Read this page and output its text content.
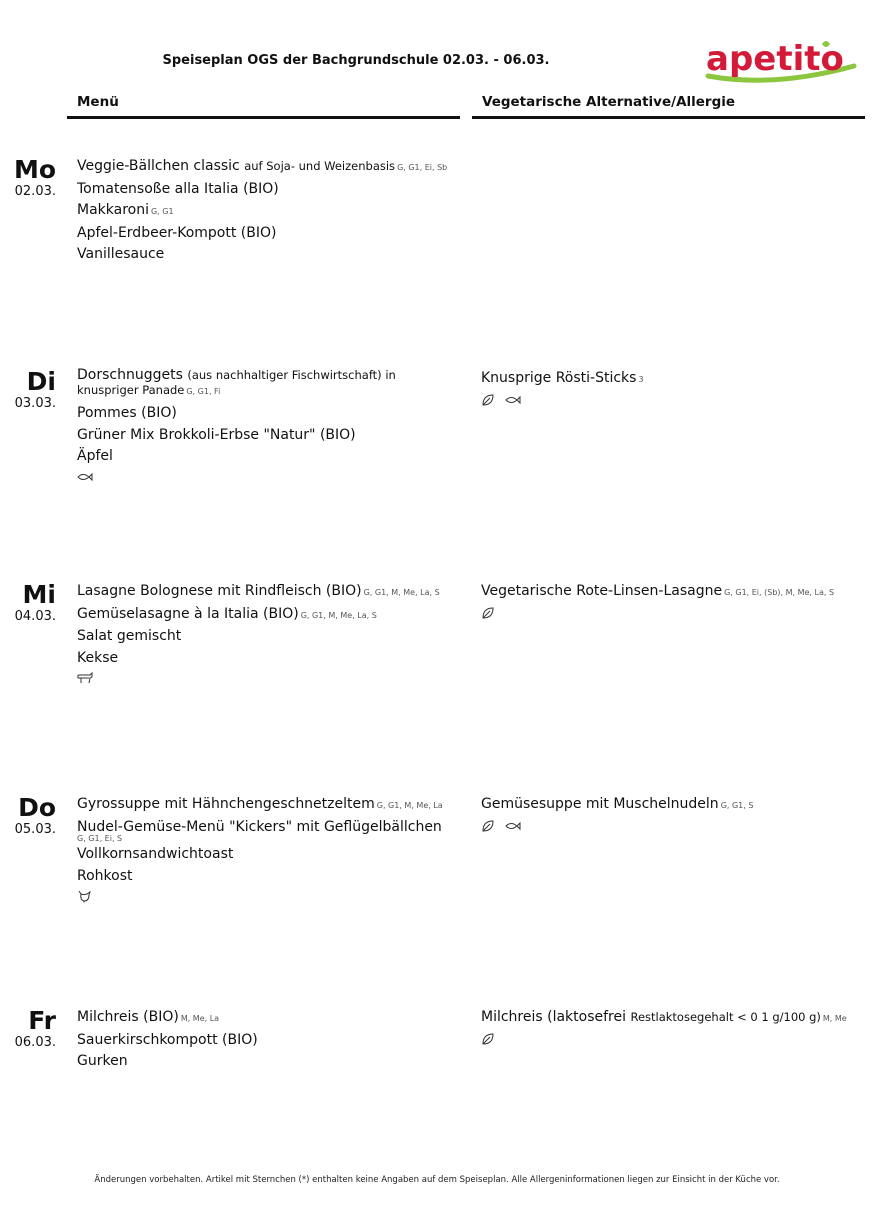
Speiseplan OGS der Bachgrundschule 02.03. - 06.03.	apetito
Menü	Vegetarische Alternative/Allergie
Mo
02.03.
Veggie-Bällchen classic auf Soja- und Weizenbasis G, G1, Ei, Sb
Tomatensoße alla Italia (BIO)
Makkaroni G, G1
Apfel-Erdbeer-Kompott (BIO)
Vanillesauce
Di
03.03.
Dorschnuggets (aus nachhaltiger Fischwirtschaft) in knuspriger Panade G, G1, Fi
Pommes (BIO)
Grüner Mix Brokkoli-Erbse "Natur" (BIO)
Äpfel
Knusprige Rösti-Sticks 3
Mi
04.03.
Lasagne Bolognese mit Rindfleisch (BIO) G, G1, M, Me, La, S
Gemüselasagne à la Italia (BIO) G, G1, M, Me, La, S
Salat gemischt
Kekse
Vegetarische Rote-Linsen-Lasagne G, G1, Ei, (Sb), M, Me, La, S
Do
05.03.
Gyrossuppe mit Hähnchengeschnetzeltem G, G1, M, Me, La
Nudel-Gemüse-Menü "Kickers" mit Geflügelbällchen
G, G1, Ei, S
Vollkornsandwichtoast
Rohkost
Gemüsesuppe mit Muschelnudeln G, G1, S
Fr
06.03.
Milchreis (BIO) M, Me, La
Sauerkirschkompott (BIO)
Gurken
Milchreis (laktosefrei Restlaktosegehalt < 0 1 g/100 g) M, Me
Änderungen vorbehalten. Artikel mit Sternchen (*) enthalten keine Angaben auf dem Speiseplan. Alle Allergeninformationen liegen zur Einsicht in der Küche vor.
